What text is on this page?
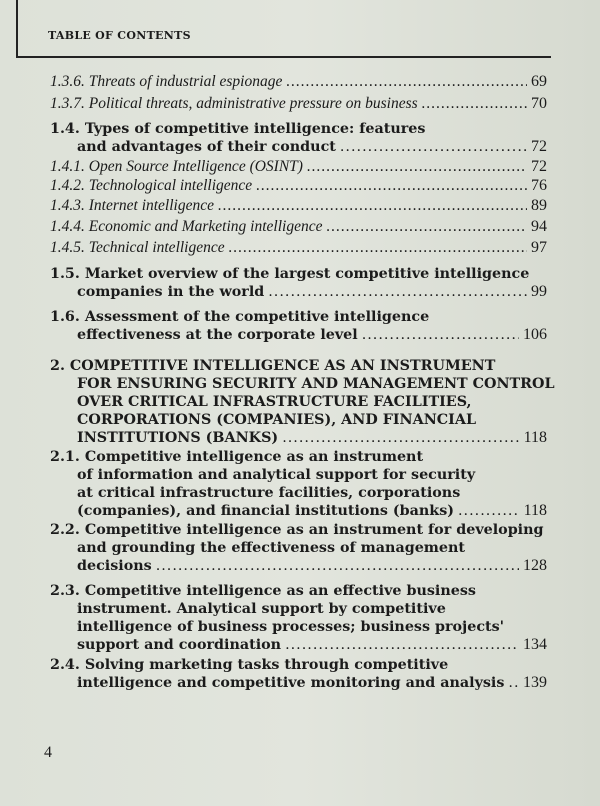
TABLE OF CONTENTS
1.3.6. Threats of industrial espionage .....	69
1.3.7. Political threats, administrative pressure on business .....	70
1.4. Types of competitive intelligence: features
and advantages of their conduct .....	72
1.4.1. Open Source Intelligence (OSINT) .....	72
1.4.2. Technological intelligence .....	76
1.4.3. Internet intelligence .....	89
1.4.4. Economic and Marketing intelligence .....	94
1.4.5. Technical intelligence .....	97
1.5. Market overview of the largest competitive intelligence
companies in the world .....	99
1.6. Assessment of the competitive intelligence
effectiveness at the corporate level .....	106
2. COMPETITIVE INTELLIGENCE AS AN INSTRUMENT
FOR ENSURING SECURITY AND MANAGEMENT CONTROL
OVER CRITICAL INFRASTRUCTURE FACILITIES,
CORPORATIONS (COMPANIES), AND FINANCIAL
INSTITUTIONS (BANKS) .....	118
2.1. Competitive intelligence as an instrument
of information and analytical support for security
at critical infrastructure facilities, corporations
(companies), and financial institutions (banks) .....	118
2.2. Competitive intelligence as an instrument for developing
and grounding the effectiveness of management
decisions .....	128
2.3. Competitive intelligence as an effective business
instrument. Analytical support by competitive
intelligence of business processes; business projects'
support and coordination .....	134
2.4. Solving marketing tasks through competitive
intelligence and competitive monitoring and analysis ..... 139
4
